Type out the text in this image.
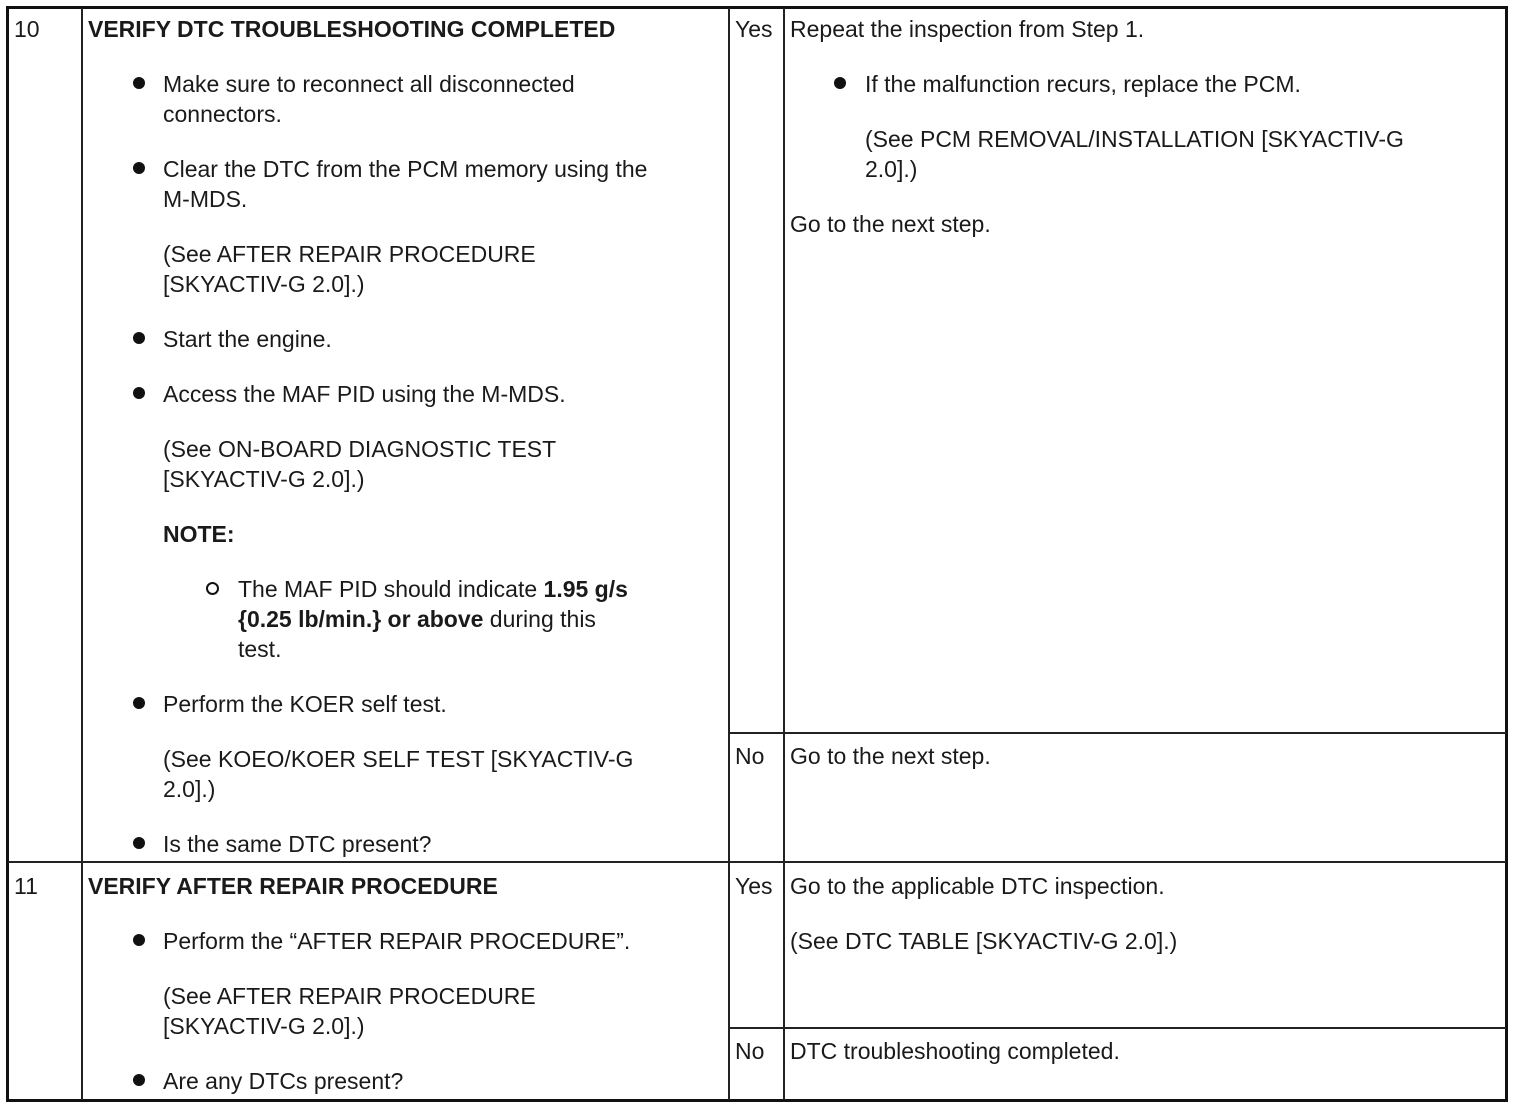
10 VERIFY DTC TROUBLESHOOTING COMPLETED
Make sure to reconnect all disconnected
connectors.
Clear the DTC from the PCM memory using the
M-MDS.
(See AFTER REPAIR PROCEDURE
[SKYACTIV-G 2.0].)
Start the engine.
Access the MAF PID using the M-MDS.
(See ON-BOARD DIAGNOSTIC TEST
[SKYACTIV-G 2.0].)
NOTE:
The MAF PID should indicate 1.95 g/s
{0.25 lb/min.} or above during this
test.
Perform the KOER self test.
(See KOEO/KOER SELF TEST [SKYACTIV-G
2.0].)
Is the same DTC present?
Yes Repeat the inspection from Step 1.
If the malfunction recurs, replace the PCM.
(See PCM REMOVAL/INSTALLATION [SKYACTIV-G
2.0].)
Go to the next step.
No Go to the next step.
11 VERIFY AFTER REPAIR PROCEDURE
Perform the “AFTER REPAIR PROCEDURE”.
(See AFTER REPAIR PROCEDURE
[SKYACTIV-G 2.0].)
Are any DTCs present?
Yes Go to the applicable DTC inspection.
(See DTC TABLE [SKYACTIV-G 2.0].)
No DTC troubleshooting completed.
